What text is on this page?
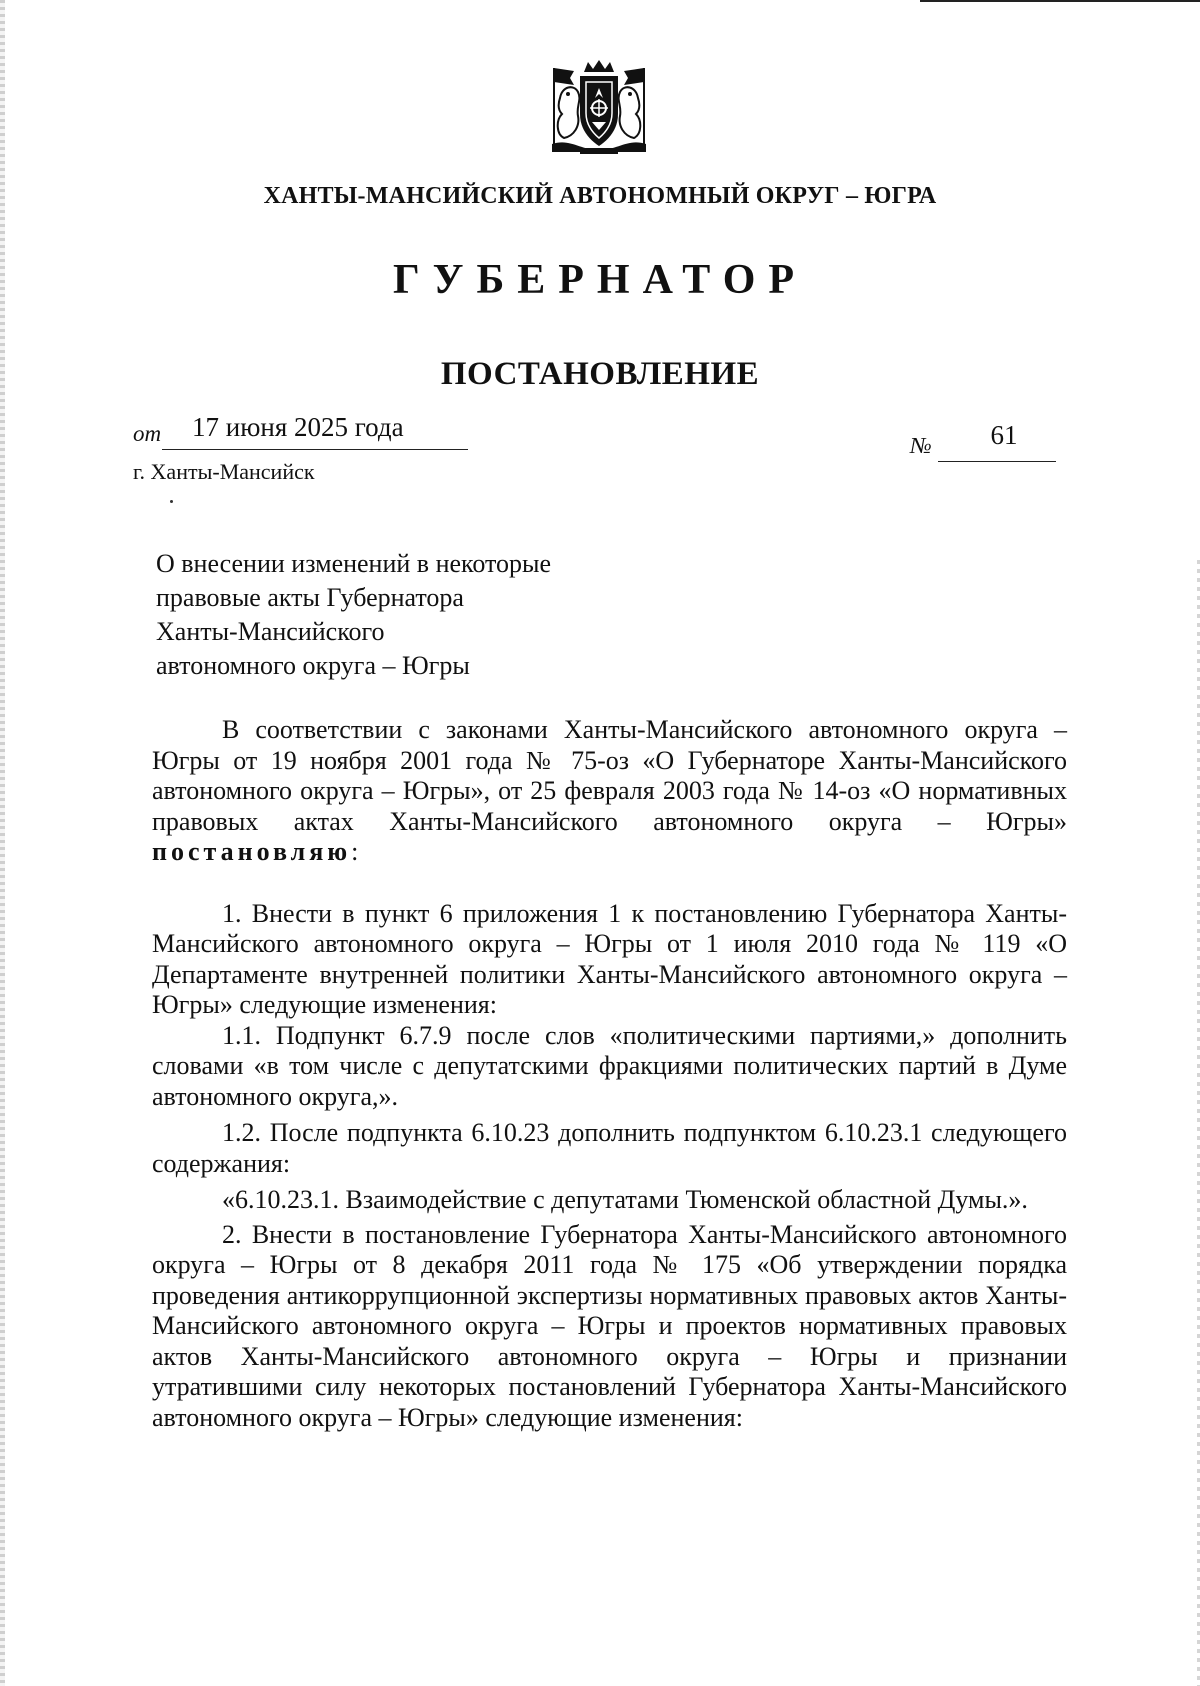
ХАНТЫ-МАНСИЙСКИЙ АВТОНОМНЫЙ ОКРУГ – ЮГРА
ГУБЕРНАТОР
ПОСТАНОВЛЕНИЕ
от	17 июня 2025 года
№	61
г. Ханты-Мансийск
О внесении изменений в некоторые
правовые акты Губернатора
Ханты-Мансийского
автономного округа – Югры

В соответствии с законами Ханты-Мансийского автономного округа – Югры от 19 ноября 2001 года № 75-оз «О Губернаторе Ханты-Мансийского автономного округа – Югры», от 25 февраля 2003 года № 14-оз «О нормативных правовых актах Ханты-Мансийского автономного округа – Югры» постановляю:

1. Внести в пункт 6 приложения 1 к постановлению Губернатора Ханты-Мансийского автономного округа – Югры от 1 июля 2010 года № 119 «О Департаменте внутренней политики Ханты-Мансийского автономного округа – Югры» следующие изменения:

1.1. Подпункт 6.7.9 после слов «политическими партиями,» дополнить словами «в том числе с депутатскими фракциями политических партий в Думе автономного округа,».

1.2. После подпункта 6.10.23 дополнить подпунктом 6.10.23.1 следующего содержания:

«6.10.23.1. Взаимодействие с депутатами Тюменской областной Думы.».

2. Внести в постановление Губернатора Ханты-Мансийского автономного округа – Югры от 8 декабря 2011 года № 175 «Об утверждении порядка проведения антикоррупционной экспертизы нормативных правовых актов Ханты-Мансийского автономного округа – Югры и проектов нормативных правовых актов Ханты-Мансийского автономного округа – Югры и признании утратившими силу некоторых постановлений Губернатора Ханты-Мансийского автономного округа – Югры» следующие изменения:
